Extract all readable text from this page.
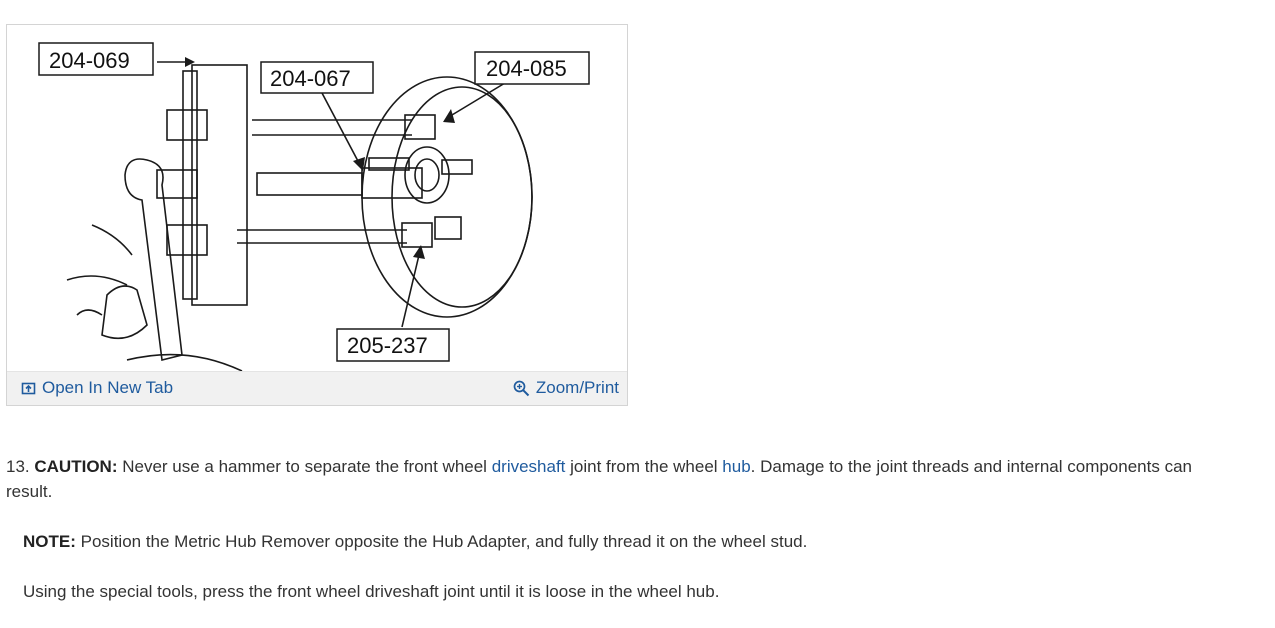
204-069
204-067	204-085
205-237
Open In New Tab	Zoom/Print
13. CAUTION: Never use a hammer to separate the front wheel driveshaft joint from the wheel hub. Damage to the joint threads and internal components can result.
NOTE: Position the Metric Hub Remover opposite the Hub Adapter, and fully thread it on the wheel stud.
Using the special tools, press the front wheel driveshaft joint until it is loose in the wheel hub.
